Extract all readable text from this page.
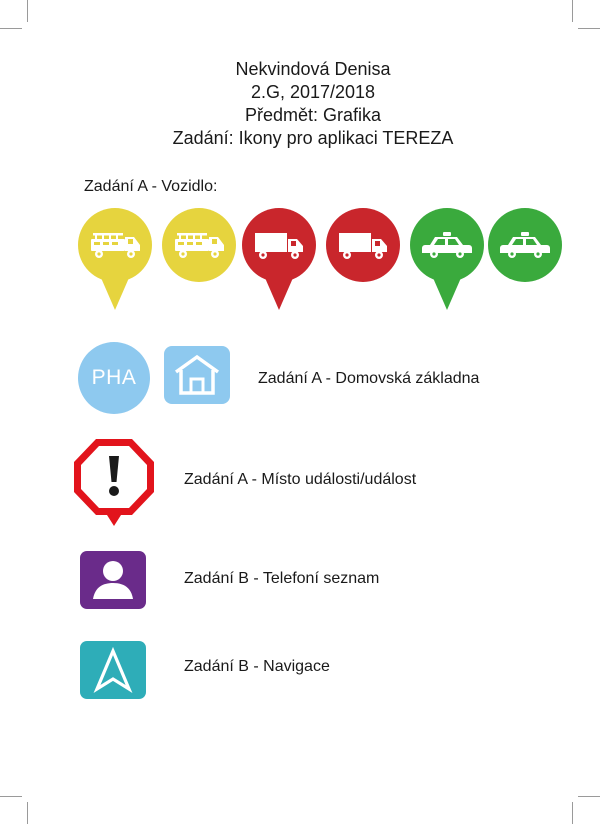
Nekvindová Denisa
2.G, 2017/2018
Předmět: Grafika
Zadání: Ikony pro aplikaci TEREZA
Zadání A - Vozidlo:
PHA	Zadání A - Domovská základna
Zadání A - Místo události/událost
Zadání B - Telefoní seznam
Zadání B - Navigace
